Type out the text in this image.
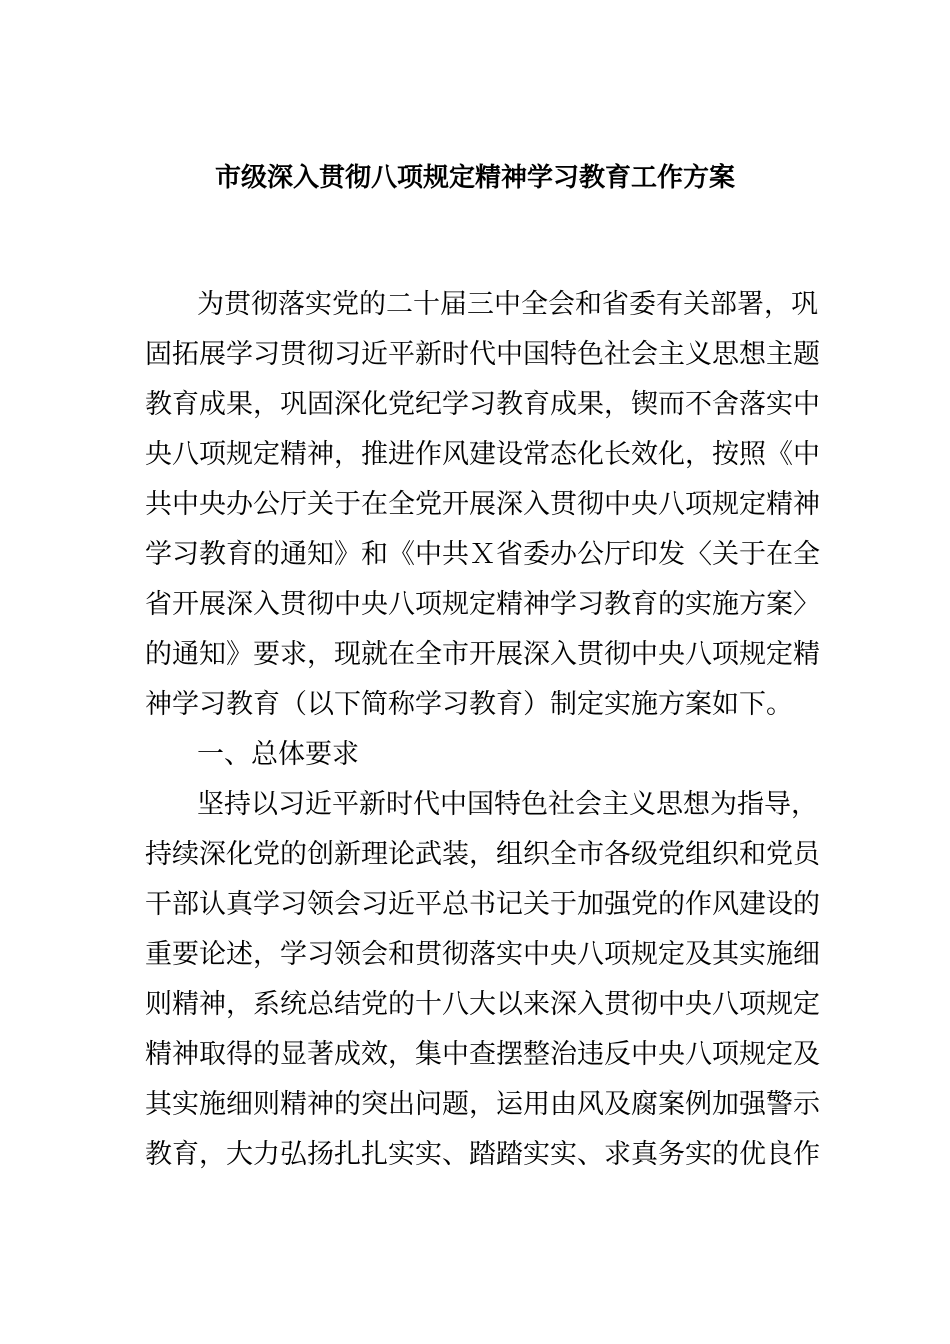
市级深入贯彻八项规定精神学习教育工作方案
为贯彻落实党的二十届三中全会和省委有关部署，巩
固拓展学习贯彻习近平新时代中国特色社会主义思想主题
教育成果，巩固深化党纪学习教育成果，锲而不舍落实中
央八项规定精神，推进作风建设常态化长效化，按照《中
共中央办公厅关于在全党开展深入贯彻中央八项规定精神
学习教育的通知》和《中共Ｘ省委办公厅印发〈关于在全
省开展深入贯彻中央八项规定精神学习教育的实施方案〉
的通知》要求，现就在全市开展深入贯彻中央八项规定精
神学习教育（以下简称学习教育）制定实施方案如下。
一、总体要求
坚持以习近平新时代中国特色社会主义思想为指导，
持续深化党的创新理论武装，组织全市各级党组织和党员
干部认真学习领会习近平总书记关于加强党的作风建设的
重要论述，学习领会和贯彻落实中央八项规定及其实施细
则精神，系统总结党的十八大以来深入贯彻中央八项规定
精神取得的显著成效，集中查摆整治违反中央八项规定及
其实施细则精神的突出问题，运用由风及腐案例加强警示
教育，大力弘扬扎扎实实、踏踏实实、求真务实的优良作
